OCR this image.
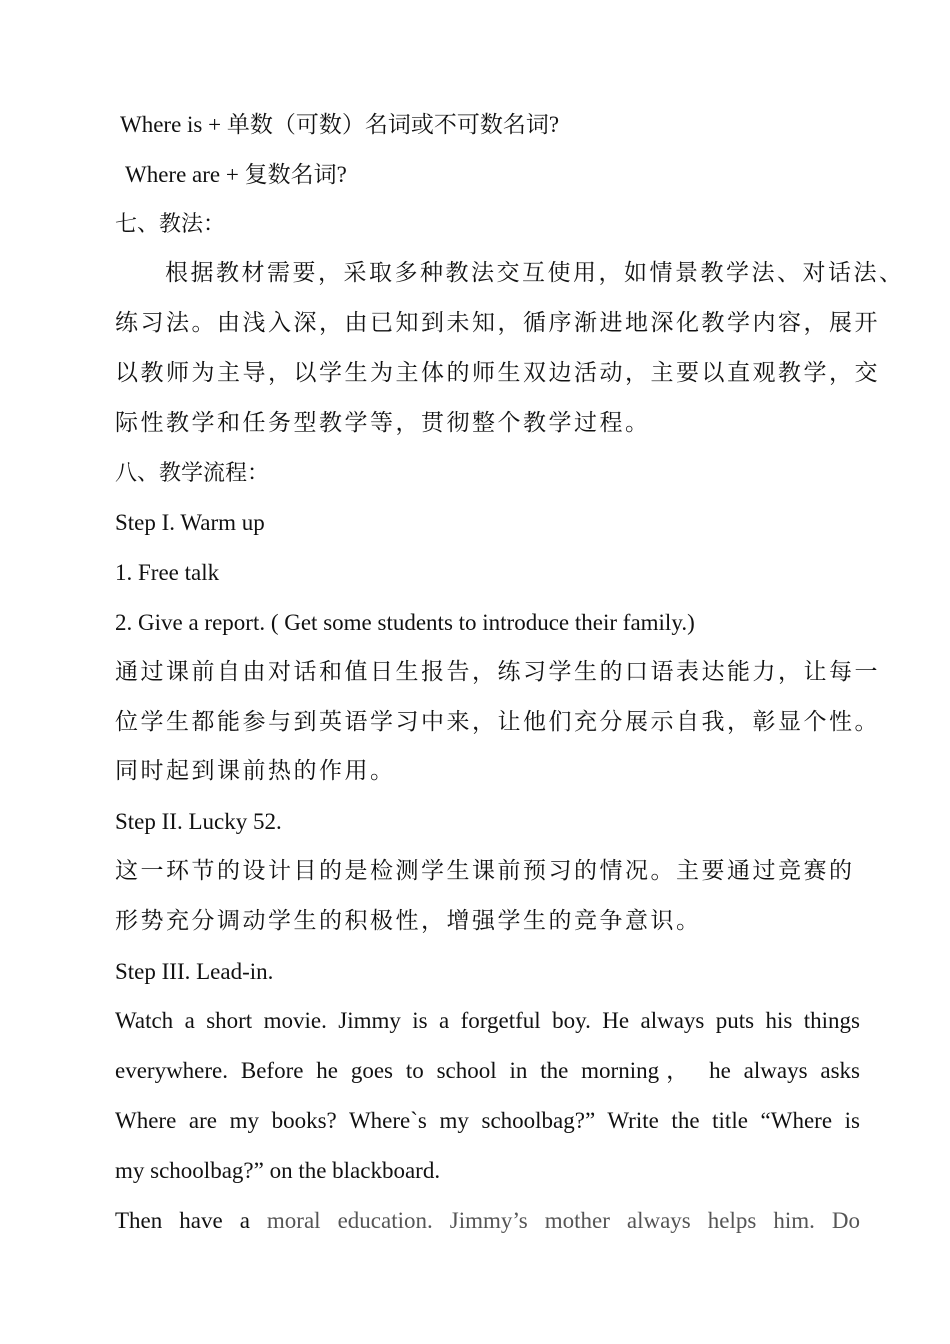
Where is + 单数（可数）名词或不可数名词?
Where are + 复数名词?
七、教法：
根据教材需要，采取多种教法交互使用，如情景教学法、对话法、
练习法。由浅入深，由已知到未知，循序渐进地深化教学内容，展开
以教师为主导，以学生为主体的师生双边活动，主要以直观教学，交
际性教学和任务型教学等，贯彻整个教学过程。
八、教学流程：
Step I. Warm up
1. Free talk
2. Give a report. ( Get some students to introduce their family.)
通过课前自由对话和值日生报告，练习学生的口语表达能力，让每一
位学生都能参与到英语学习中来，让他们充分展示自我，彰显个性。
同时起到课前热的作用。
Step II. Lucky 52.
这一环节的设计目的是检测学生课前预习的情况。主要通过竞赛的
形势充分调动学生的积极性，增强学生的竞争意识。
Step III. Lead-in.
Watch a short movie. Jimmy is a forgetful boy. He always puts his things
everywhere. Before he goes to school in the morning， he always asks
Where are my books? Where`s my schoolbag?” Write the title “Where is
my schoolbag?” on the blackboard.
Then have a moral education. Jimmy’s mother always helps him. Do
